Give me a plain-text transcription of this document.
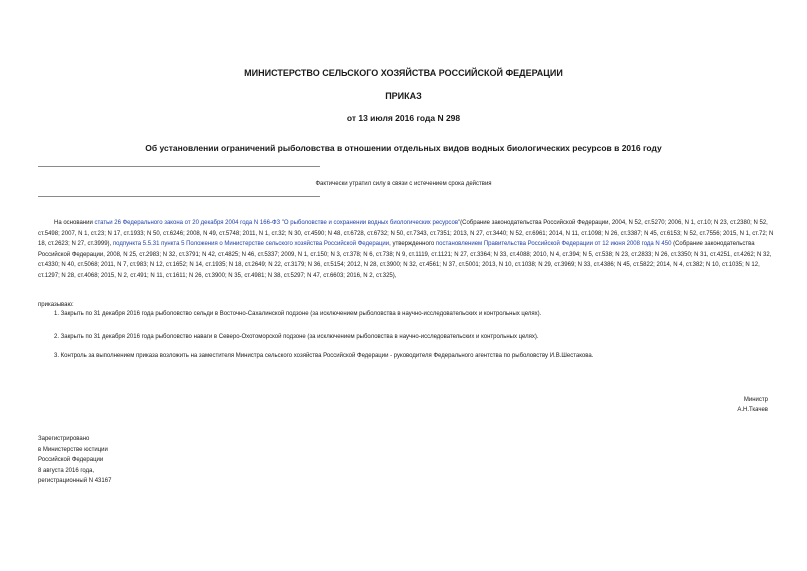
МИНИСТЕРСТВО СЕЛЬСКОГО ХОЗЯЙСТВА РОССИЙСКОЙ ФЕДЕРАЦИИ
ПРИКАЗ
от 13 июля 2016 года N 298
Об установлении ограничений рыболовства в отношении отдельных видов водных биологических ресурсов в 2016 году
Фактически утратил силу в связи с истечением срока действия
На основании статьи 26 Федерального закона от 20 декабря 2004 года N 166-ФЗ "О рыболовстве и сохранении водных биологических ресурсов"(Собрание законодательства Российской Федерации, 2004, N 52, ст.5270; 2006, N 1, ст.10; N 23, ст.2380; N 52, ст.5498; 2007, N 1, ст.23; N 17, ст.1933; N 50, ст.6246; 2008, N 49, ст.5748; 2011, N 1, ст.32; N 30, ст.4590; N 48, ст.6728, ст.6732; N 50, ст.7343, ст.7351; 2013, N 27, ст.3440; N 52, ст.6961; 2014, N 11, ст.1098; N 26, ст.3387; N 45, ст.6153; N 52, ст.7556; 2015, N 1, ст.72; N 18, ст.2623; N 27, ст.3999), подпункта 5.5.31 пункта 5 Положения о Министерстве сельского хозяйства Российской Федерации, утвержденного постановлением Правительства Российской Федерации от 12 июня 2008 года N 450 (Собрание законодательства Российской Федерации, 2008, N 25, ст.2983; N 32, ст.3791; N 42, ст.4825; N 46, ст.5337; 2009, N 1, ст.150; N 3, ст.378; N 6, ст.738; N 9, ст.1119, ст.1121; N 27, ст.3364; N 33, ст.4088; 2010, N 4, ст.394; N 5, ст.538; N 23, ст.2833; N 26, ст.3350; N 31, ст.4251, ст.4262; N 32, ст.4330; N 40, ст.5068; 2011, N 7, ст.983; N 12, ст.1652; N 14, ст.1935; N 18, ст.2649; N 22, ст.3179; N 36, ст.5154; 2012, N 28, ст.3900; N 32, ст.4561; N 37, ст.5001; 2013, N 10, ст.1038; N 29, ст.3969; N 33, ст.4386; N 45, ст.5822; 2014, N 4, ст.382; N 10, ст.1035; N 12, ст.1297; N 28, ст.4068; 2015, N 2, ст.491; N 11, ст.1611; N 26, ст.3900; N 35, ст.4981; N 38, ст.5297; N 47, ст.6603; 2016, N 2, ст.325),
приказываю:
1. Закрыть по 31 декабря 2016 года рыболовство сельди в Восточно-Сахалинской подзоне (за исключением рыболовства в научно-исследовательских и контрольных целях).
2. Закрыть по 31 декабря 2016 года рыболовство наваги в Северо-Охотоморской подзоне (за исключением рыболовства в научно-исследовательских и контрольных целях).
3. Контроль за выполнением приказа возложить на заместителя Министра сельского хозяйства Российской Федерации - руководителя Федерального агентства по рыболовству И.В.Шестакова.
Министр
А.Н.Ткачев
Зарегистрировано
в Министерстве юстиции
Российской Федерации
8 августа 2016 года,
регистрационный N 43167
